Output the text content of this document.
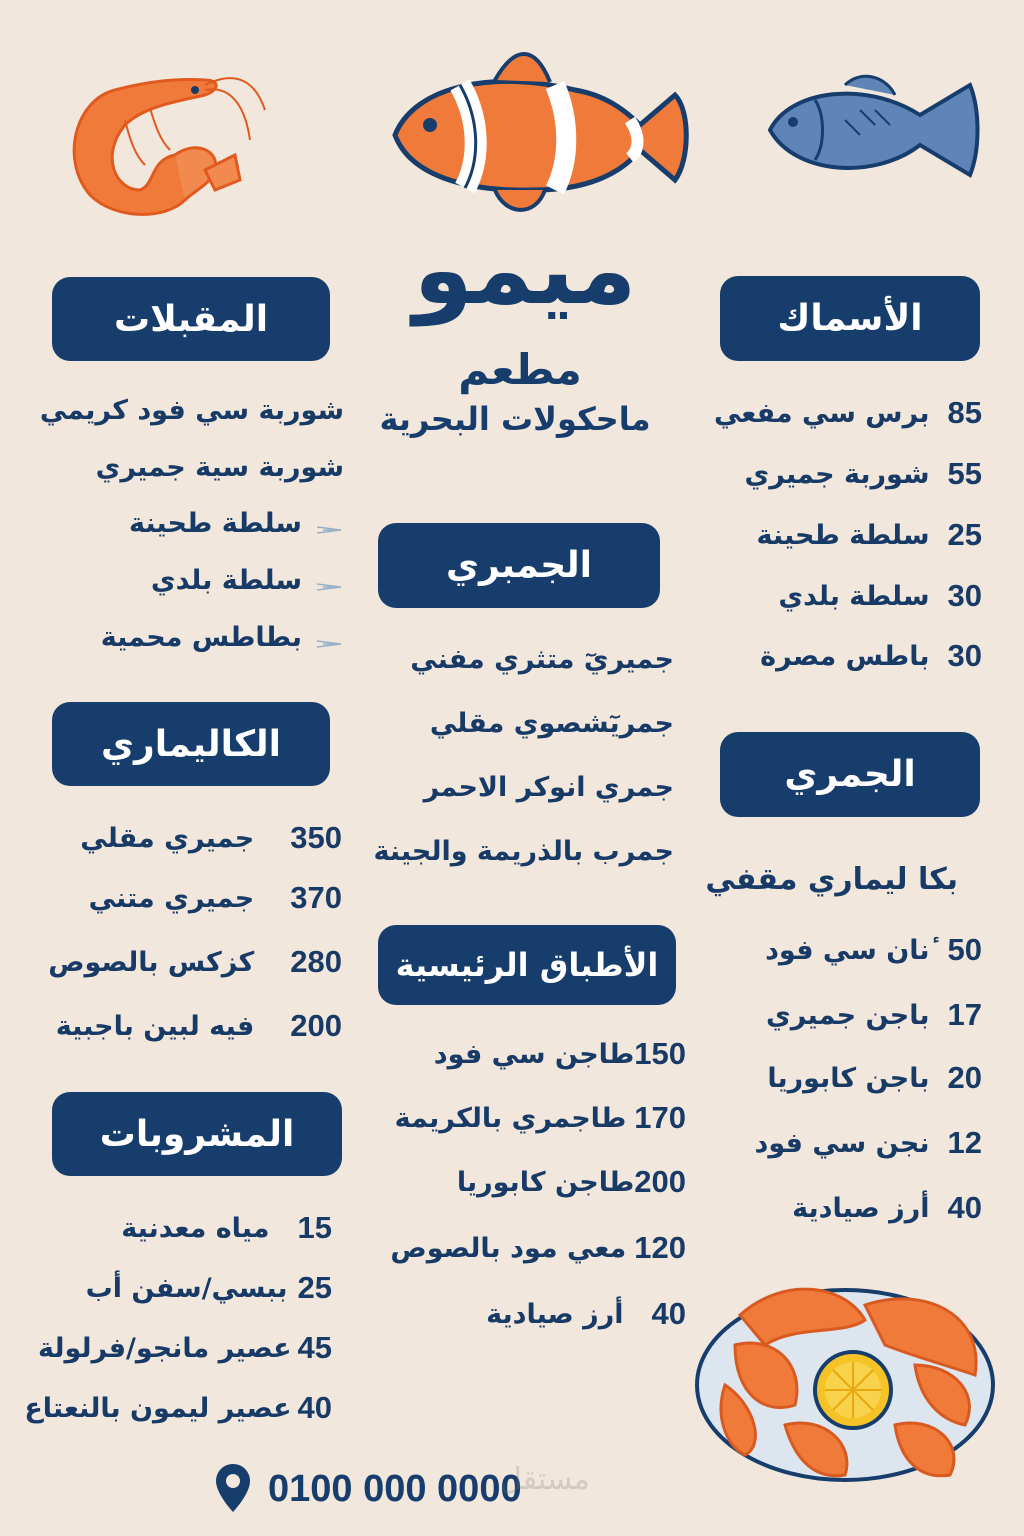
ميمو
مطعم
ماحكولات البحرية
الأسماك
85
برس سي مفعي
55
شوربة جميري
25
سلطة طحينة
30
سلطة بلدي
30
باطس مصرة
الجمري
بكا ليماري مقفي
50
ٔنان سي فود
17
باجن جميري
20
باجن كابوريا
12
نجن سي فود
40
أرز صيادية
الجمبري
جميريٓ متثري مفني
جمريٓشصوي مقلي
جمري انوكر الاحمر
جمرب بالذريمة والجينة
الأطباق الرئيسية
150
طاجن سي فود
170
طاجمري بالكريمة
200
طاجن كابوريا
120
معي مود بالصوص
40
أرز صيادية
المقبلات
شوربة سي فود كريمي
شوربة سية جميري
سلطة طحينة
سلطة بلدي
بطاطس محمية
الكاليماري
350
جميري مقلي
370
جميري متني
280
كزكس بالصوص
200
فيه لبين باجبية
المشروبات
15
مياه معدنية
25
ببسي/سفن أب
45
عصير مانجو/فرلولة
40
عصير ليمون بالنعتاع
0100 000 0000
مستقل
